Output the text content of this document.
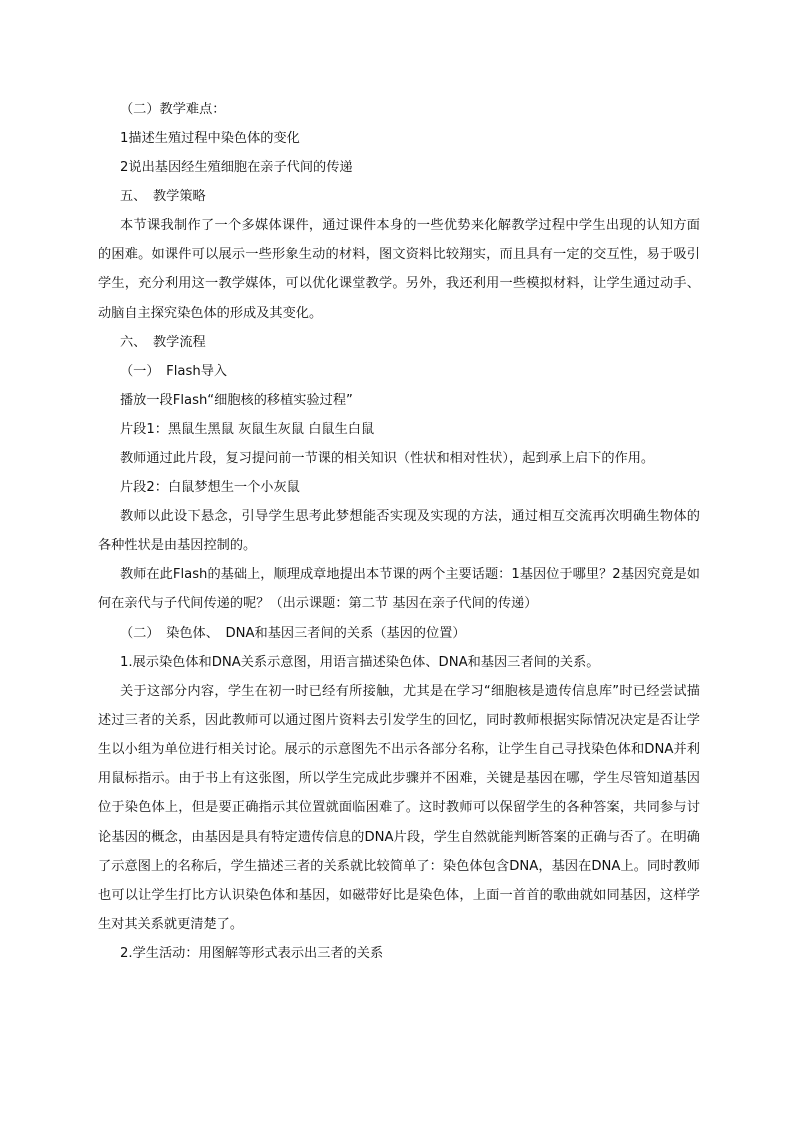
（二）教学难点：
1描述生殖过程中染色体的变化
2说出基因经生殖细胞在亲子代间的传递
五、　教学策略

本节课我制作了一个多媒体课件，通过课件本身的一些优势来化解教学过程中学生出现的认知方面的困难。如课件可以展示一些形象生动的材料，图文资料比较翔实，而且具有一定的交互性，易于吸引学生，充分利用这一教学媒体，可以优化课堂教学。另外，我还利用一些模拟材料，让学生通过动手、动脑自主探究染色体的形成及其变化。

六、　教学流程
（一）　Flash导入
播放一段Flash“细胞核的移植实验过程”
片段1：黑鼠生黑鼠 灰鼠生灰鼠 白鼠生白鼠
教师通过此片段，复习提问前一节课的相关知识（性状和相对性状），起到承上启下的作用。
片段2：白鼠梦想生一个小灰鼠

教师以此设下悬念，引导学生思考此梦想能否实现及实现的方法，通过相互交流再次明确生物体的各种性状是由基因控制的。

教师在此Flash的基础上，顺理成章地提出本节课的两个主要话题：1基因位于哪里？2基因究竟是如何在亲代与子代间传递的呢？（出示课题：第二节 基因在亲子代间的传递）

（二）　染色体、　DNA和基因三者间的关系（基因的位置）
1.展示染色体和DNA关系示意图，用语言描述染色体、DNA和基因三者间的关系。

关于这部分内容，学生在初一时已经有所接触，尤其是在学习“细胞核是遗传信息库”时已经尝试描述过三者的关系，因此教师可以通过图片资料去引发学生的回忆，同时教师根据实际情况决定是否让学生以小组为单位进行相关讨论。展示的示意图先不出示各部分名称，让学生自己寻找染色体和DNA并利用鼠标指示。由于书上有这张图，所以学生完成此步骤并不困难，关键是基因在哪，学生尽管知道基因位于染色体上，但是要正确指示其位置就面临困难了。这时教师可以保留学生的各种答案，共同参与讨论基因的概念，由基因是具有特定遗传信息的DNA片段，学生自然就能判断答案的正确与否了。在明确了示意图上的名称后，学生描述三者的关系就比较简单了：染色体包含DNA，基因在DNA上。同时教师也可以让学生打比方认识染色体和基因，如磁带好比是染色体，上面一首首的歌曲就如同基因，这样学生对其关系就更清楚了。

2.学生活动：用图解等形式表示出三者的关系
